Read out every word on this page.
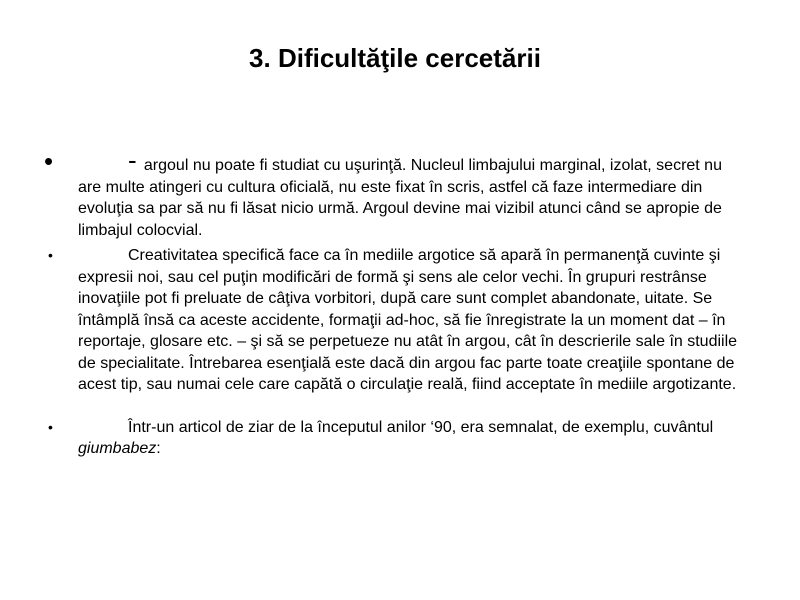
3. Dificultăţile cercetării
•	- argoul nu poate fi studiat cu uşurinţă. Nucleul limbajului marginal, izolat, secret nu are multe atingeri cu cultura oficială, nu este fixat în scris, astfel că faze intermediare din evoluţia sa par să nu fi lăsat nicio urmă. Argoul devine mai vizibil atunci când se apropie de limbajul colocvial.
•	Creativitatea specifică face ca în mediile argotice să apară în permanenţă cuvinte şi expresii noi, sau cel puţin modificări de formă şi sens ale celor vechi. În grupuri restrânse inovaţiile pot fi preluate de câţiva vorbitori, după care sunt complet abandonate, uitate. Se întâmplă însă ca aceste accidente, formaţii ad-hoc, să fie înregistrate la un moment dat – în reportaje, glosare etc. – şi să se perpetueze nu atât în argou, cât în descrierile sale în studiile de specialitate. Întrebarea esenţială este dacă din argou fac parte toate creaţiile spontane de acest tip, sau numai cele care capătă o circulaţie reală, fiind acceptate în mediile argotizante.
•	Într-un articol de ziar de la începutul anilor ‘90, era semnalat, de exemplu, cuvântul giumbabez:
